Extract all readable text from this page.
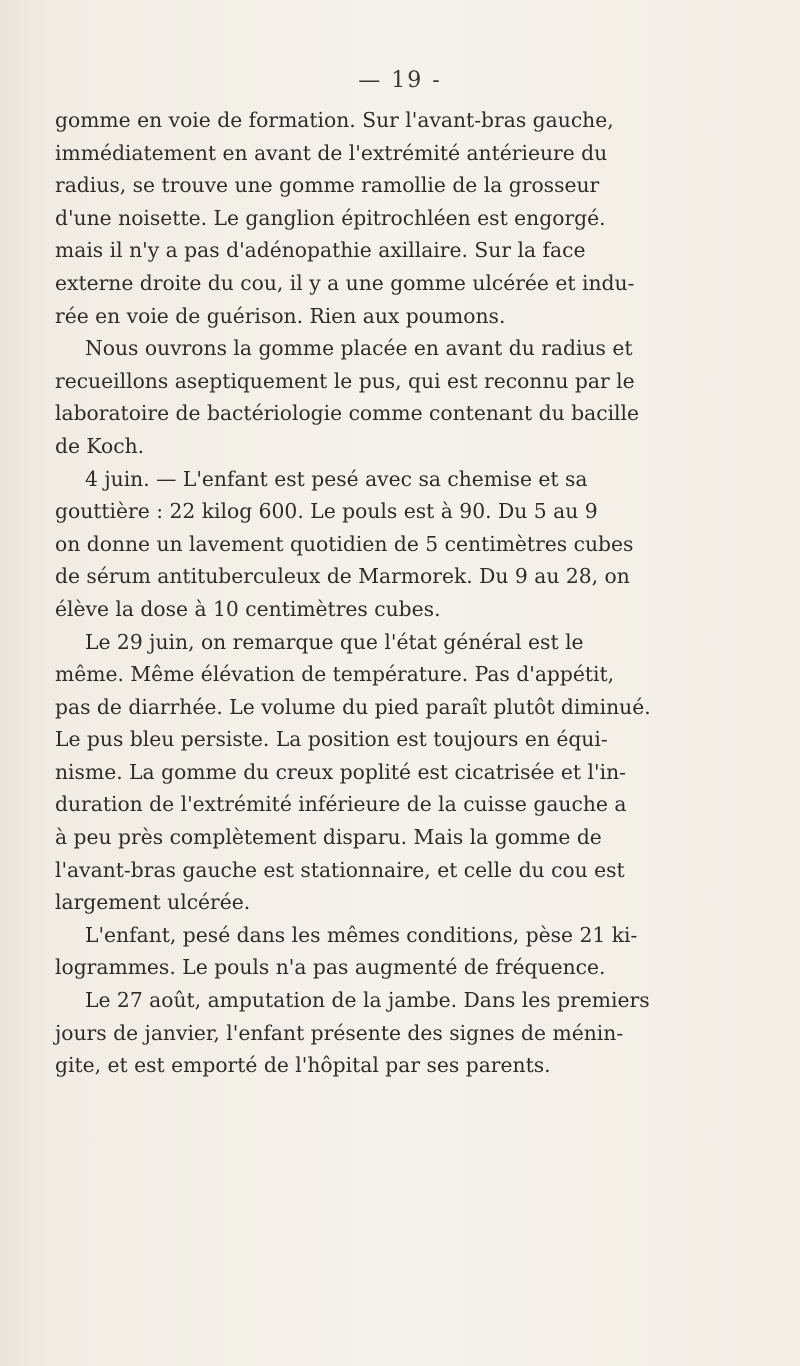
— 19 -

gomme en voie de formation. Sur l'avant-bras gauche,
immédiatement en avant de l'extrémité antérieure du
radius, se trouve une gomme ramollie de la grosseur
d'une noisette. Le ganglion épitrochléen est engorgé.
mais il n'y a pas d'adénopathie axillaire. Sur la face
externe droite du cou, il y a une gomme ulcérée et indu-
rée en voie de guérison. Rien aux poumons.

Nous ouvrons la gomme placée en avant du radius et
recueillons aseptiquement le pus, qui est reconnu par le
laboratoire de bactériologie comme contenant du bacille
de Koch.

4 juin. — L'enfant est pesé avec sa chemise et sa
gouttière : 22 kilog 600. Le pouls est à 90. Du 5 au 9
on donne un lavement quotidien de 5 centimètres cubes
de sérum antituberculeux de Marmorek. Du 9 au 28, on
élève la dose à 10 centimètres cubes.

Le 29 juin, on remarque que l'état général est le
même. Même élévation de température. Pas d'appétit,
pas de diarrhée. Le volume du pied paraît plutôt diminué.
Le pus bleu persiste. La position est toujours en équi-
nisme. La gomme du creux poplité est cicatrisée et l'in-
duration de l'extrémité inférieure de la cuisse gauche a
à peu près complètement disparu. Mais la gomme de
l'avant-bras gauche est stationnaire, et celle du cou est
largement ulcérée.

L'enfant, pesé dans les mêmes conditions, pèse 21 ki-
logrammes. Le pouls n'a pas augmenté de fréquence.

Le 27 août, amputation de la jambe. Dans les premiers
jours de janvier, l'enfant présente des signes de ménin-
gite, et est emporté de l'hôpital par ses parents.
